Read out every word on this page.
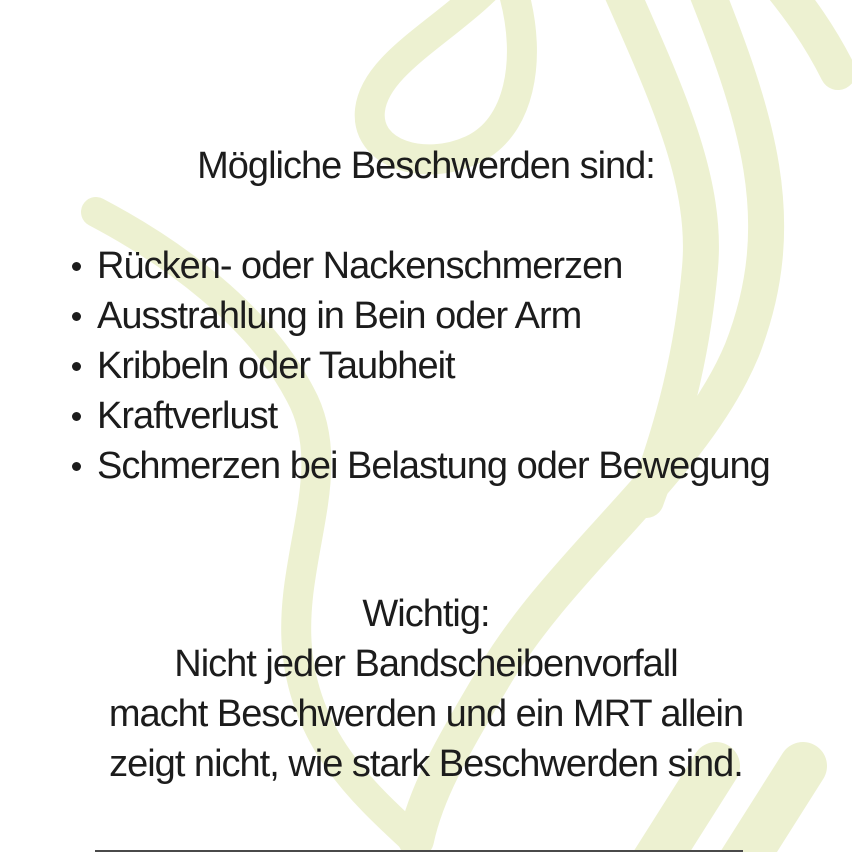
Mögliche Beschwerden sind:
Rücken- oder Nackenschmerzen
Ausstrahlung in Bein oder Arm
Kribbeln oder Taubheit
Kraftverlust
Schmerzen bei Belastung oder Bewegung
Wichtig:
Nicht jeder Bandscheibenvorfall
macht Beschwerden und ein MRT allein
zeigt nicht, wie stark Beschwerden sind.
